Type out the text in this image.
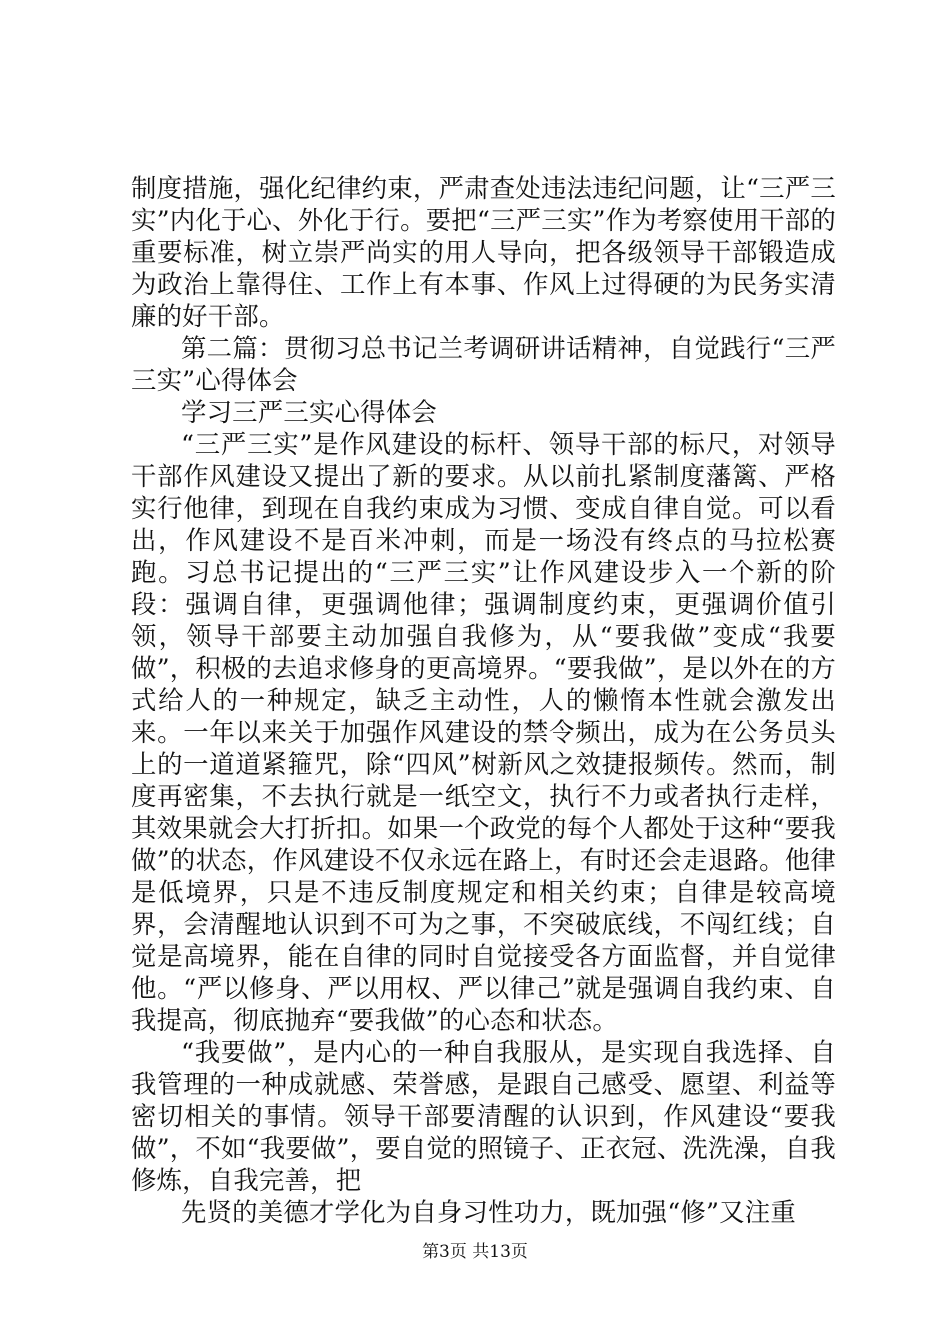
制度措施，强化纪律约束，严肃查处违法违纪问题，让“三严三实”内化于心、外化于行。要把“三严三实”作为考察使用干部的重要标准，树立崇严尚实的用人导向，把各级领导干部锻造成为政治上靠得住、工作上有本事、作风上过得硬的为民务实清廉的好干部。

第二篇：贯彻习总书记兰考调研讲话精神，自觉践行“三严三实”心得体会

学习三严三实心得体会

“三严三实”是作风建设的标杆、领导干部的标尺，对领导干部作风建设又提出了新的要求。从以前扎紧制度藩篱、严格实行他律，到现在自我约束成为习惯、变成自律自觉。可以看出，作风建设不是百米冲刺，而是一场没有终点的马拉松赛跑。习总书记提出的“三严三实”让作风建设步入一个新的阶段：强调自律，更强调他律；强调制度约束，更强调价值引领，领导干部要主动加强自我修为，从“要我做”变成“我要做”，积极的去追求修身的更高境界。“要我做”，是以外在的方式给人的一种规定，缺乏主动性，人的懒惰本性就会激发出来。一年以来关于加强作风建设的禁令频出，成为在公务员头上的一道道紧箍咒，除“四风”树新风之效捷报频传。然而，制度再密集，不去执行就是一纸空文，执行不力或者执行走样，其效果就会大打折扣。如果一个政党的每个人都处于这种“要我做”的状态，作风建设不仅永远在路上，有时还会走退路。他律是低境界，只是不违反制度规定和相关约束；自律是较高境界，会清醒地认识到不可为之事，不突破底线，不闯红线；自觉是高境界，能在自律的同时自觉接受各方面监督，并自觉律他。“严以修身、严以用权、严以律己”就是强调自我约束、自我提高，彻底抛弃“要我做”的心态和状态。

“我要做”，是内心的一种自我服从，是实现自我选择、自我管理的一种成就感、荣誉感，是跟自己感受、愿望、利益等密切相关的事情。领导干部要清醒的认识到，作风建设“要我做”，不如“我要做”，要自觉的照镜子、正衣冠、洗洗澡，自我修炼，自我完善，把

先贤的美德才学化为自身习性功力，既加强“修”又注重

第3页 共13页
